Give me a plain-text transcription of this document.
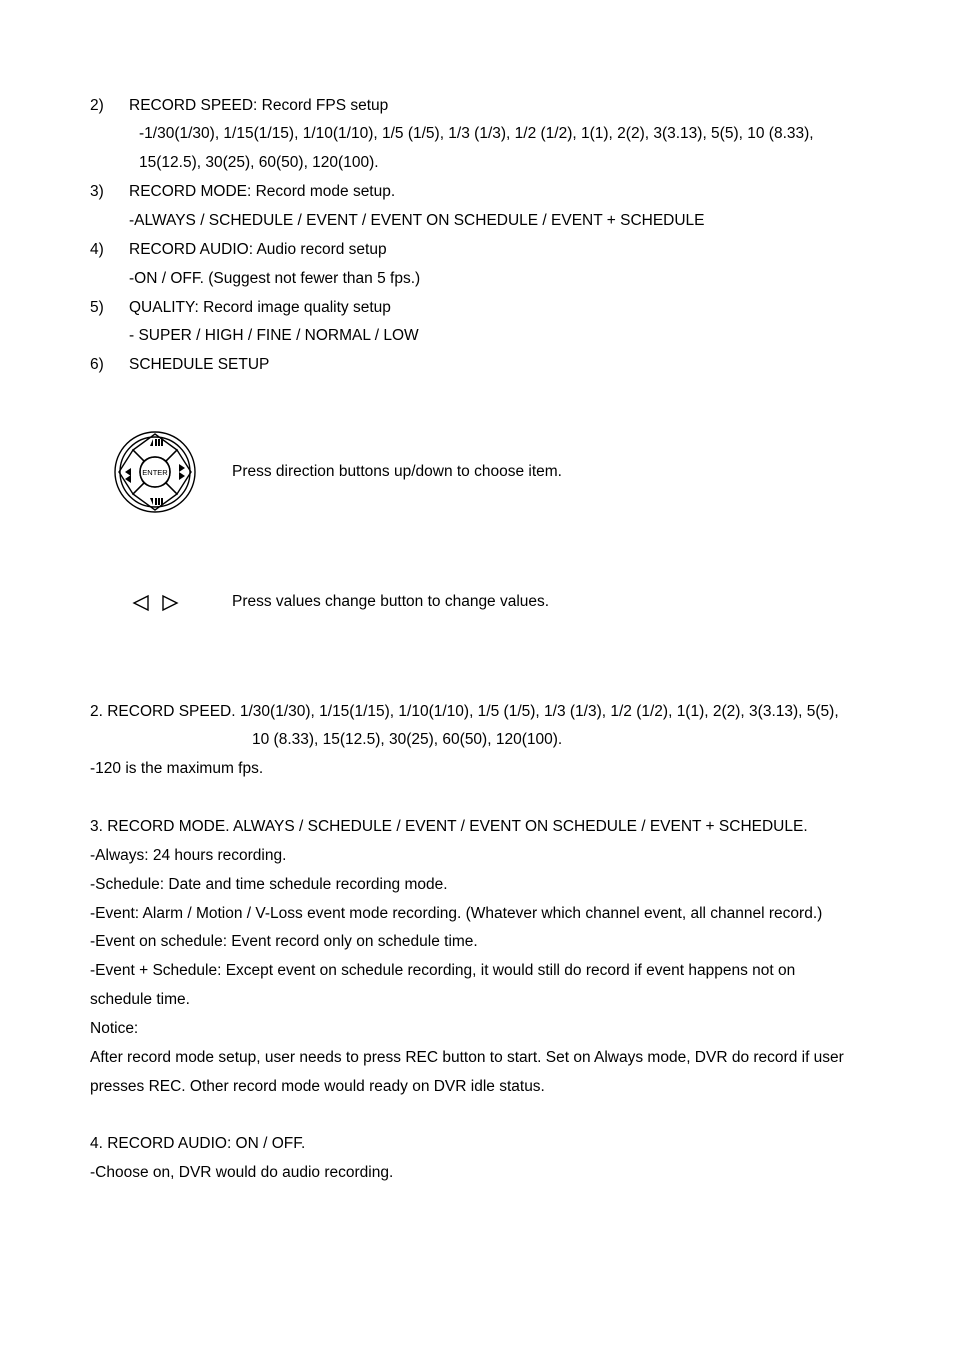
2) RECORD SPEED: Record FPS setup
-1/30(1/30), 1/15(1/15), 1/10(1/10), 1/5 (1/5), 1/3 (1/3), 1/2 (1/2), 1(1), 2(2), 3(3.13), 5(5), 10 (8.33),
15(12.5), 30(25), 60(50), 120(100).
3) RECORD MODE: Record mode setup.
-ALWAYS / SCHEDULE / EVENT / EVENT ON SCHEDULE / EVENT + SCHEDULE
4) RECORD AUDIO: Audio record setup
-ON / OFF. (Suggest not fewer than 5 fps.)
5) QUALITY: Record image quality setup
- SUPER / HIGH / FINE / NORMAL / LOW
6) SCHEDULE SETUP
ENTER	Press direction buttons up/down to choose item.
Press values change button to change values.
2. RECORD SPEED. 1/30(1/30), 1/15(1/15), 1/10(1/10), 1/5 (1/5), 1/3 (1/3), 1/2 (1/2), 1(1), 2(2), 3(3.13), 5(5),
10 (8.33), 15(12.5), 30(25), 60(50), 120(100).
-120 is the maximum fps.
3. RECORD MODE. ALWAYS / SCHEDULE / EVENT / EVENT ON SCHEDULE / EVENT + SCHEDULE.
-Always: 24 hours recording.
-Schedule: Date and time schedule recording mode.
-Event: Alarm / Motion / V-Loss event mode recording. (Whatever which channel event, all channel record.)
-Event on schedule: Event record only on schedule time.
-Event + Schedule: Except event on schedule recording, it would still do record if event happens not on
schedule time.
Notice:
After record mode setup, user needs to press REC button to start. Set on Always mode, DVR do record if user
presses REC. Other record mode would ready on DVR idle status.
4. RECORD AUDIO: ON / OFF.
-Choose on, DVR would do audio recording.
